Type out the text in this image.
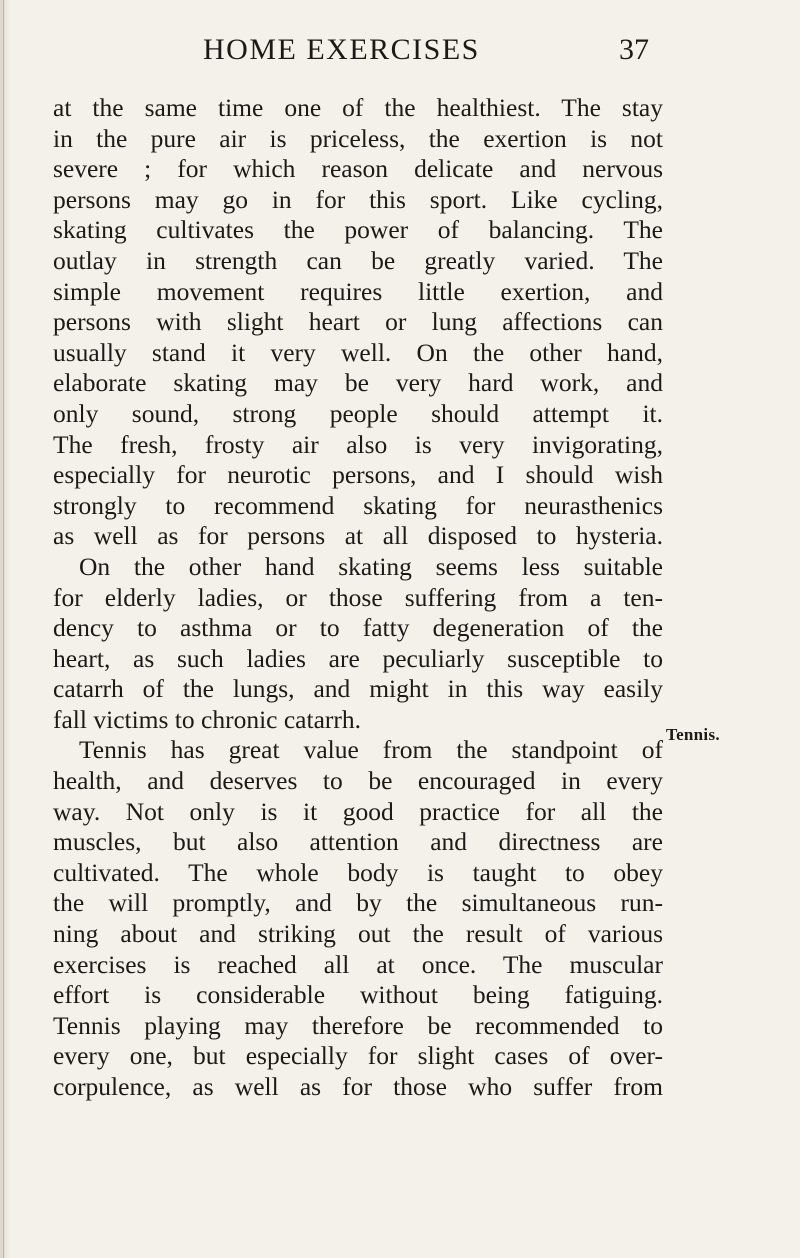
HOME EXERCISES	37
at the same time one of the healthiest. The stay
in the pure air is priceless, the exertion is not
severe ; for which reason delicate and nervous
persons may go in for this sport. Like cycling,
skating cultivates the power of balancing. The
outlay in strength can be greatly varied. The
simple movement requires little exertion, and
persons with slight heart or lung affections can
usually stand it very well. On the other hand,
elaborate skating may be very hard work, and
only sound, strong people should attempt it.
The fresh, frosty air also is very invigorating,
especially for neurotic persons, and I should wish
strongly to recommend skating for neurasthenics
as well as for persons at all disposed to hysteria.
On the other hand skating seems less suitable
for elderly ladies, or those suffering from a ten-
dency to asthma or to fatty degeneration of the
heart, as such ladies are peculiarly susceptible to
catarrh of the lungs, and might in this way easily
fall victims to chronic catarrh.
Tennis has great value from the standpoint of
health, and deserves to be encouraged in every
way. Not only is it good practice for all the
muscles, but also attention and directness are
cultivated. The whole body is taught to obey
the will promptly, and by the simultaneous run-
ning about and striking out the result of various
exercises is reached all at once. The muscular
effort is considerable without being fatiguing.
Tennis playing may therefore be recommended to
every one, but especially for slight cases of over-
corpulence, as well as for those who suffer from
Tennis.
